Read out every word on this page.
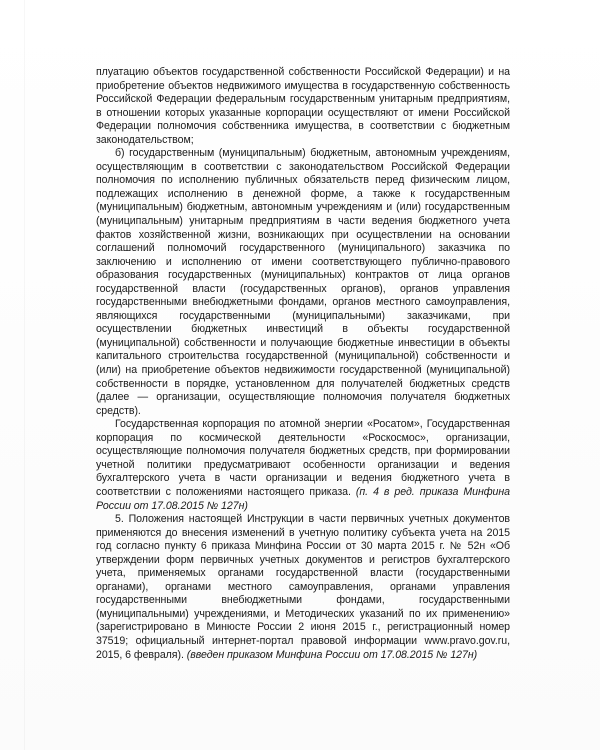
плуатацию объектов государственной собственности Российской Федерации) и на приобретение объектов недвижимого имущества в государственную собственность Российской Федерации федеральным государственным унитарным предприятиям, в отношении которых указанные корпорации осуществляют от имени Российской Федерации полномочия собственника имущества, в соответствии с бюджетным законодательством;

б) государственным (муниципальным) бюджетным, автономным учреждениям, осуществляющим в соответствии с законодательством Российской Федерации полномочия по исполнению публичных обязательств перед физическим лицом, подлежащих исполнению в денежной форме, а также к государственным (муниципальным) бюджетным, автономным учреждениям и (или) государственным (муниципальным) унитарным предприятиям в части ведения бюджетного учета фактов хозяйственной жизни, возникающих при осуществлении на основании соглашений полномочий государственного (муниципального) заказчика по заключению и исполнению от имени соответствующего публично-правового образования государственных (муниципальных) контрактов от лица органов государственной власти (государственных органов), органов управления государственными внебюджетными фондами, органов местного самоуправления, являющихся государственными (муниципальными) заказчиками, при осуществлении бюджетных инвестиций в объекты государственной (муниципальной) собственности и получающие бюджетные инвестиции в объекты капитального строительства государственной (муниципальной) собственности и (или) на приобретение объектов недвижимости государственной (муниципальной) собственности в порядке, установленном для получателей бюджетных средств (далее — организации, осуществляющие полномочия получателя бюджетных средств).

Государственная корпорация по атомной энергии «Росатом», Государственная корпорация по космической деятельности «Роскосмос», организации, осуществляющие полномочия получателя бюджетных средств, при формировании учетной политики предусматривают особенности организации и ведения бухгалтерского учета в части организации и ведения бюджетного учета в соответствии с положениями настоящего приказа. (п. 4 в ред. приказа Минфина России от 17.08.2015 № 127н)

5. Положения настоящей Инструкции в части первичных учетных документов применяются до внесения изменений в учетную политику субъекта учета на 2015 год согласно пункту 6 приказа Минфина России от 30 марта 2015 г. № 52н «Об утверждении форм первичных учетных документов и регистров бухгалтерского учета, применяемых органами государственной власти (государственными органами), органами местного самоуправления, органами управления государственными внебюджетными фондами, государственными (муниципальными) учреждениями, и Методических указаний по их применению» (зарегистрировано в Минюсте России 2 июня 2015 г., регистрационный номер 37519; официальный интернет-портал правовой информации www.pravo.gov.ru, 2015, 6 февраля). (введен приказом Минфина России от 17.08.2015 № 127н)
